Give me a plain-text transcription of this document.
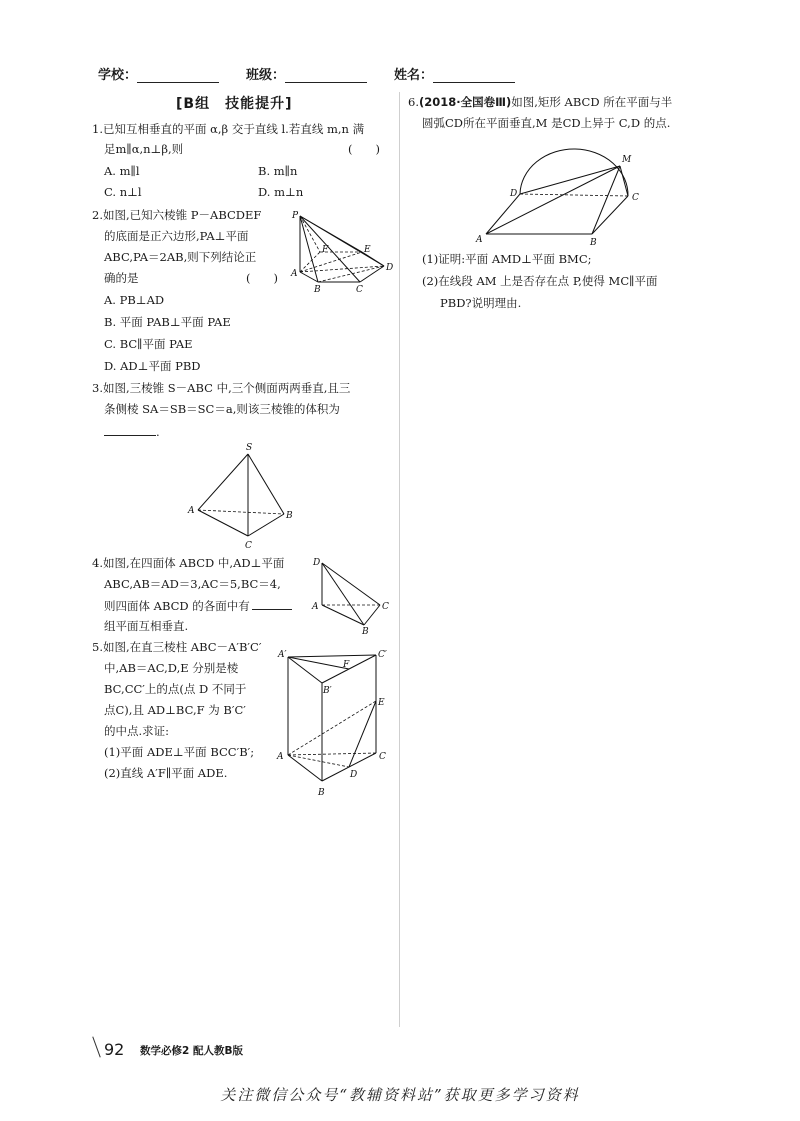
学校：	班级：	姓名：
[B组　技能提升]
1.已知互相垂直的平面 α,β 交于直线 l.若直线 m,n 满
足m∥α,n⊥β,则	(　　)
A. m∥l	B. m∥n
C. n⊥l	D. m⊥n
2.如图,已知六棱锥 P－ABCDEF
的底面是正六边形,PA⊥平面
ABC,PA＝2AB,则下列结论正
确的是	(　　)
A. PB⊥AD
B. 平面 PAB⊥平面 PAE
C. BC∥平面 PAE
D. AD⊥平面 PBD
P
F	E
A
D
B	C
3.如图,三棱锥 S－ABC 中,三个侧面两两垂直,且三
条侧棱 SA＝SB＝SC＝a,则该三棱锥的体积为
.
S
A	B
C
4.如图,在四面体 ABCD 中,AD⊥平面
ABC,AB＝AD＝3,AC＝5,BC＝4,
则四面体 ABCD 的各面中有
组平面互相垂直.
D
A	C
B
5.如图,在直三棱柱 ABC－A′B′C′
中,AB＝AC,D,E 分别是棱
BC,CC′上的点(点 D 不同于
点C),且 AD⊥BC,F 为 B′C′
的中点.求证:
(1)平面 ADE⊥平面 BCC′B′;
(2)直线 A′F∥平面 ADE.
A′
F
C′
B′
E
A	C
D
B
6.(2018·全国卷Ⅲ)如图,矩形 ABCD 所在平面与半
圆弧CD所在平面垂直,M 是CD上异于 C,D 的点.
M
D	C
A	B
(1)证明:平面 AMD⊥平面 BMC;
(2)在线段 AM 上是否存在点 P,使得 MC∥平面
PBD?说明理由.
92 数学必修2 配人教B版
关注微信公众号“教辅资料站”获取更多学习资料
